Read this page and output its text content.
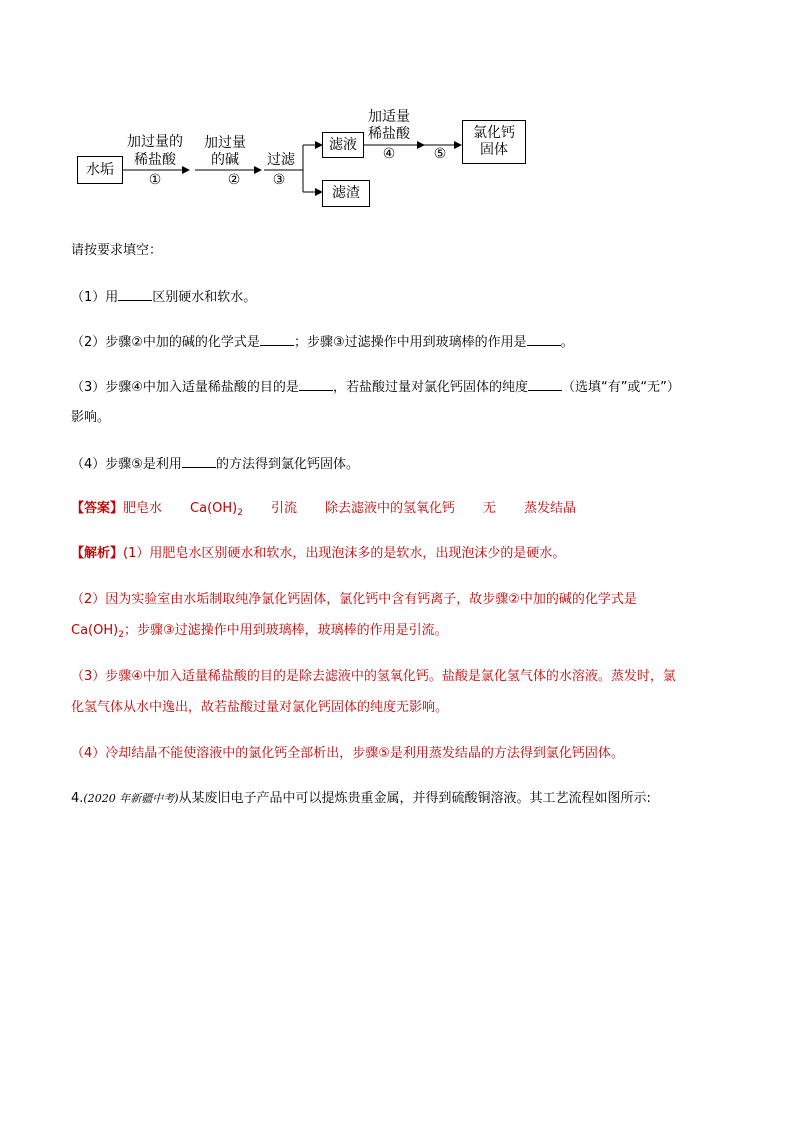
水垢
加过量的
稀盐酸
①
加过量
的碱
②
过滤
③
滤液
滤渣
加适量
稀盐酸
④	⑤
氯化钙
固体
请按要求填空：
（1）用	区别硬水和软水。
（2）步骤②中加的碱的化学式是	；步骤③过滤操作中用到玻璃棒的作用是	。
（3）步骤④中加入适量稀盐酸的目的是	，若盐酸过量对氯化钙固体的纯度	（选填“有”或“无”）
影响。
（4）步骤⑤是利用	的方法得到氯化钙固体。
【答案】肥皂水 $Ca(OH)_2$ 引流 除去滤液中的氢氧化钙 无 蒸发结晶
【解析】(1）用肥皂水区别硬水和软水，出现泡沫多的是软水，出现泡沫少的是硬水。
（2）因为实验室由水垢制取纯净氯化钙固体，氯化钙中含有钙离子，故步骤②中加的碱的化学式是
$Ca(OH)_2$；步骤③过滤操作中用到玻璃棒，玻璃棒的作用是引流。
（3）步骤④中加入适量稀盐酸的目的是除去滤液中的氢氧化钙。盐酸是氯化氢气体的水溶液。蒸发时，氯
化氢气体从水中逸出，故若盐酸过量对氯化钙固体的纯度无影响。
（4）冷却结晶不能使溶液中的氯化钙全部析出，步骤⑤是利用蒸发结晶的方法得到氯化钙固体。
4.(2020 年新疆中考)从某废旧电子产品中可以提炼贵重金属，并得到硫酸铜溶液。其工艺流程如图所示:
